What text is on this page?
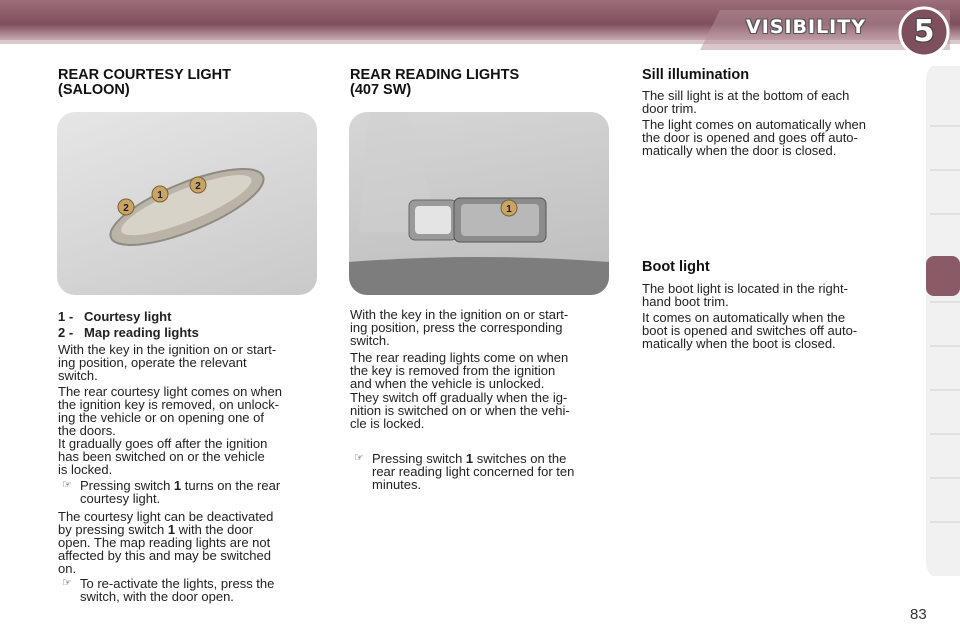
VISIBILITY 5
REAR COURTESY LIGHT
(SALOON)
2
1
2
1 - Courtesy light
2 - Map reading lights
With the key in the ignition on or start-
ing position, operate the relevant
switch.
The rear courtesy light comes on when
the ignition key is removed, on unlock-
ing the vehicle or on opening one of
the doors.
It gradually goes off after the ignition
has been switched on or the vehicle
is locked.
☞ Pressing switch 1 turns on the rear
courtesy light.
The courtesy light can be deactivated
by pressing switch 1 with the door
open. The map reading lights are not
affected by this and may be switched
on.
☞ To re-activate the lights, press the
switch, with the door open.
REAR READING LIGHTS
(407 SW)
1
With the key in the ignition on or start-
ing position, press the corresponding
switch.
The rear reading lights come on when
the key is removed from the ignition
and when the vehicle is unlocked.
They switch off gradually when the ig-
nition is switched on or when the vehi-
cle is locked.
☞ Pressing switch 1 switches on the
rear reading light concerned for ten
minutes.
Sill illumination
The sill light is at the bottom of each
door trim.
The light comes on automatically when
the door is opened and goes off auto-
matically when the door is closed.
Boot light
The boot light is located in the right-
hand boot trim.
It comes on automatically when the
boot is opened and switches off auto-
matically when the boot is closed.
83
